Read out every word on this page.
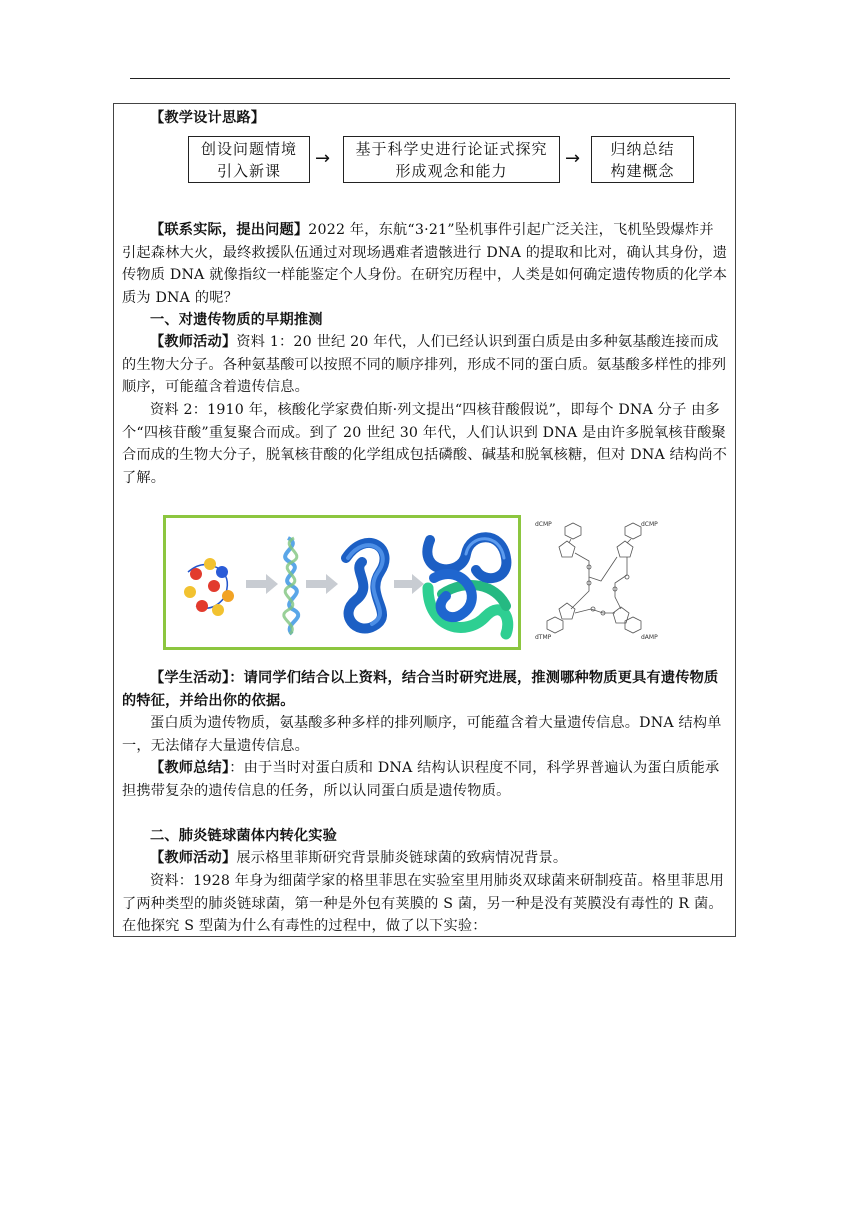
【教学设计思路】
创设问题情境
引入新课
→	基于科学史进行论证式探究
形成观念和能力
→	归纳总结
构建概念
【联系实际，提出问题】2022 年，东航“3·21”坠机事件引起广泛关注，飞机坠毁爆炸并引起森林大火，最终救援队伍通过对现场遇难者遗骸进行 DNA 的提取和比对，确认其身份，遗传物质 DNA 就像指纹一样能鉴定个人身份。在研究历程中，人类是如何确定遗传物质的化学本质为 DNA 的呢？
一、对遗传物质的早期推测
【教师活动】资料 1：20 世纪 20 年代，人们已经认识到蛋白质是由多种氨基酸连接而成的生物大分子。各种氨基酸可以按照不同的顺序排列，形成不同的蛋白质。氨基酸多样性的排列顺序，可能蕴含着遗传信息。
资料 2：1910 年，核酸化学家费伯斯·列文提出“四核苷酸假说”，即每个 DNA 分子 由多个“四核苷酸”重复聚合而成。到了 20 世纪 30 年代，人们认识到 DNA 是由许多脱氧核苷酸聚合而成的生物大分子，脱氧核苷酸的化学组成包括磷酸、碱基和脱氧核糖，但对 DNA 结构尚不了解。
dCMP	dCMP
dTMP	dAMP
【学生活动】：请同学们结合以上资料，结合当时研究进展，推测哪种物质更具有遗传物质的特征，并给出你的依据。
蛋白质为遗传物质，氨基酸多种多样的排列顺序，可能蕴含着大量遗传信息。DNA 结构单一，无法储存大量遗传信息。
【教师总结】：由于当时对蛋白质和 DNA 结构认识程度不同，科学界普遍认为蛋白质能承担携带复杂的遗传信息的任务，所以认同蛋白质是遗传物质。
二、肺炎链球菌体内转化实验
【教师活动】展示格里菲斯研究背景肺炎链球菌的致病情况背景。
资料：1928 年身为细菌学家的格里菲思在实验室里用肺炎双球菌来研制疫苗。格里菲思用了两种类型的肺炎链球菌，第一种是外包有荚膜的 S 菌，另一种是没有荚膜没有毒性的 R 菌。在他探究 S 型菌为什么有毒性的过程中，做了以下实验：
